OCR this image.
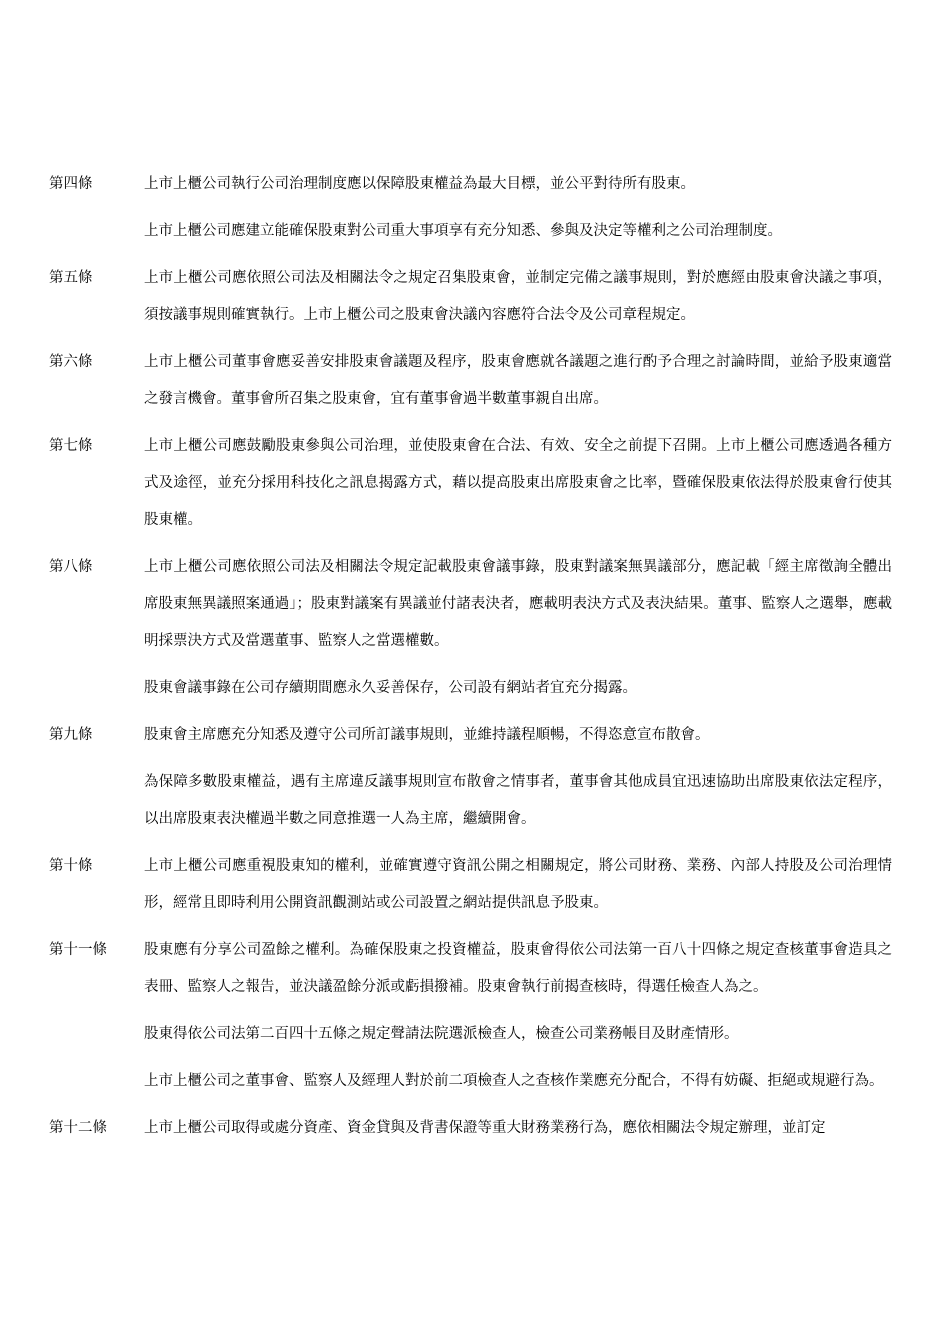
第四條	上市上櫃公司執行公司治理制度應以保障股東權益為最大目標，並公平對待所有股東。

上市上櫃公司應建立能確保股東對公司重大事項享有充分知悉、參與及決定等權利之公司治理制度。

第五條	上市上櫃公司應依照公司法及相關法令之規定召集股東會，並制定完備之議事規則，對於應經由股東會決議之事項，須按議事規則確實執行。上市上櫃公司之股東會決議內容應符合法令及公司章程規定。

第六條	上市上櫃公司董事會應妥善安排股東會議題及程序，股東會應就各議題之進行酌予合理之討論時間，並給予股東適當之發言機會。董事會所召集之股東會，宜有董事會過半數董事親自出席。

第七條	上市上櫃公司應鼓勵股東參與公司治理，並使股東會在合法、有效、安全之前提下召開。上市上櫃公司應透過各種方式及途徑，並充分採用科技化之訊息揭露方式，藉以提高股東出席股東會之比率，暨確保股東依法得於股東會行使其股東權。

第八條	上市上櫃公司應依照公司法及相關法令規定記載股東會議事錄，股東對議案無異議部分，應記載「經主席徵詢全體出席股東無異議照案通過」；股東對議案有異議並付諸表決者，應載明表決方式及表決結果。董事、監察人之選舉，應載明採票決方式及當選董事、監察人之當選權數。

股東會議事錄在公司存續期間應永久妥善保存，公司設有網站者宜充分揭露。

第九條	股東會主席應充分知悉及遵守公司所訂議事規則，並維持議程順暢，不得恣意宣布散會。

為保障多數股東權益，遇有主席違反議事規則宣布散會之情事者，董事會其他成員宜迅速協助出席股東依法定程序，以出席股東表決權過半數之同意推選一人為主席，繼續開會。

第十條	上市上櫃公司應重視股東知的權利，並確實遵守資訊公開之相關規定，將公司財務、業務、內部人持股及公司治理情形，經常且即時利用公開資訊觀測站或公司設置之網站提供訊息予股東。

第十一條	股東應有分享公司盈餘之權利。為確保股東之投資權益，股東會得依公司法第一百八十四條之規定查核董事會造具之表冊、監察人之報告，並決議盈餘分派或虧損撥補。股東會執行前揭查核時，得選任檢查人為之。

股東得依公司法第二百四十五條之規定聲請法院選派檢查人，檢查公司業務帳目及財產情形。

上市上櫃公司之董事會、監察人及經理人對於前二項檢查人之查核作業應充分配合，不得有妨礙、拒絕或規避行為。

第十二條	上市上櫃公司取得或處分資產、資金貸與及背書保證等重大財務業務行為，應依相關法令規定辦理，並訂定
